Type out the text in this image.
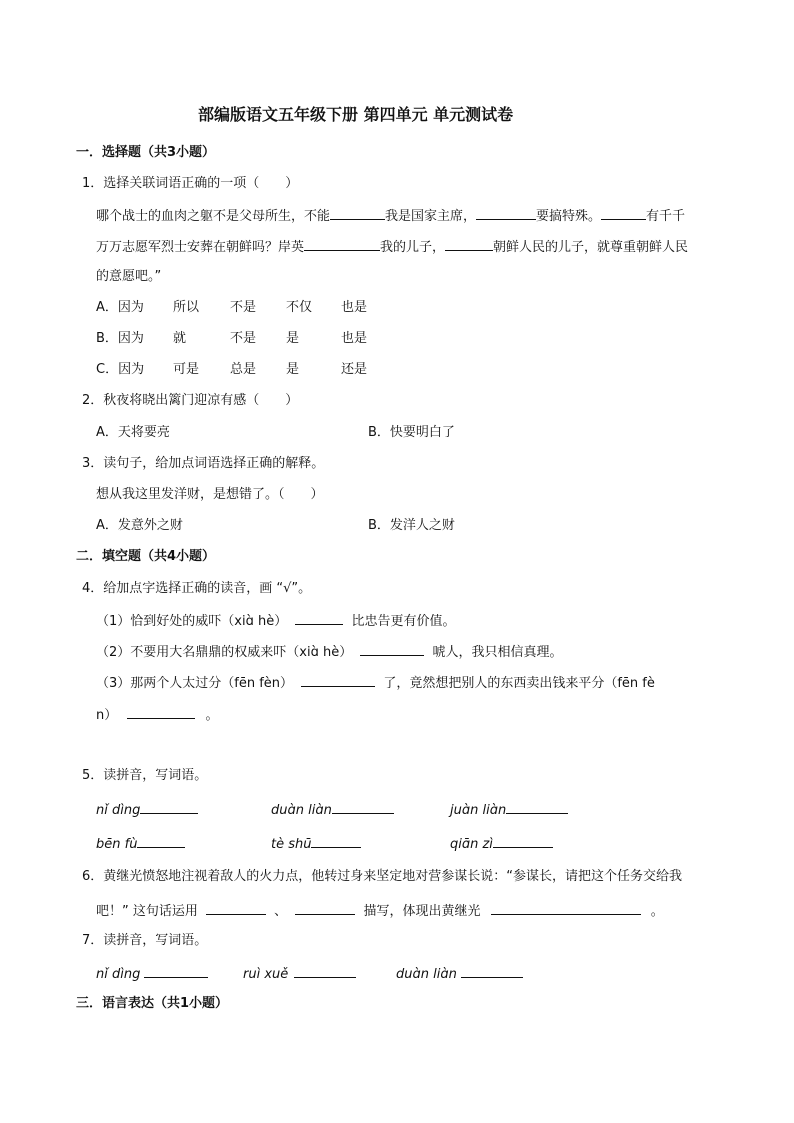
部编版语文五年级下册 第四单元 单元测试卷
一．选择题（共3小题）
1．选择关联词语正确的一项（　　）
哪个战士的血肉之躯不是父母所生，不能	我是国家主席，	要搞特殊。	有千千
万万志愿军烈士安葬在朝鲜吗？岸英	我的儿子，	朝鲜人民的儿子，就尊重朝鲜人民
的意愿吧。”
A．因为 所以 不是 不仅 也是
B．因为 就	不是 是	也是
C．因为 可是 总是 是	还是
2．秋夜将晓出篱门迎凉有感（　　）
A．天将要亮	B．快要明白了
3．读句子，给加点词语选择正确的解释。
想从我这里发洋财，是想错了。（　　）
A．发意外之财	B．发洋人之财
二．填空题（共4小题）
4．给加点字选择正确的读音，画 “√”。
（1）恰到好处的威吓（xiɑ̀ hè）	比忠告更有价值。
（2）不要用大名鼎鼎的权威来吓（xiɑ̀ hè）	唬人，我只相信真理。
（3）那两个人太过分（fēn fèn）	了，竟然想把别人的东西卖出钱来平分（fēn fè
n）	。
5．读拼音，写词语。
nǐ dìng	duɑ̀n liɑ̀n	juɑ̀n liɑ̀n
bēn fù	tè shū	qiɑ̄n zì
6．黄继光愤怒地注视着敌人的火力点，他转过身来坚定地对营参谋长说：“参谋长，请把这个任务交给我
吧！” 这句话运用	、	描写，体现出黄继光	。
7．读拼音，写词语。
nǐ dìng	ruì xuě	duɑ̀n liɑ̀n
三．语言表达（共1小题）
